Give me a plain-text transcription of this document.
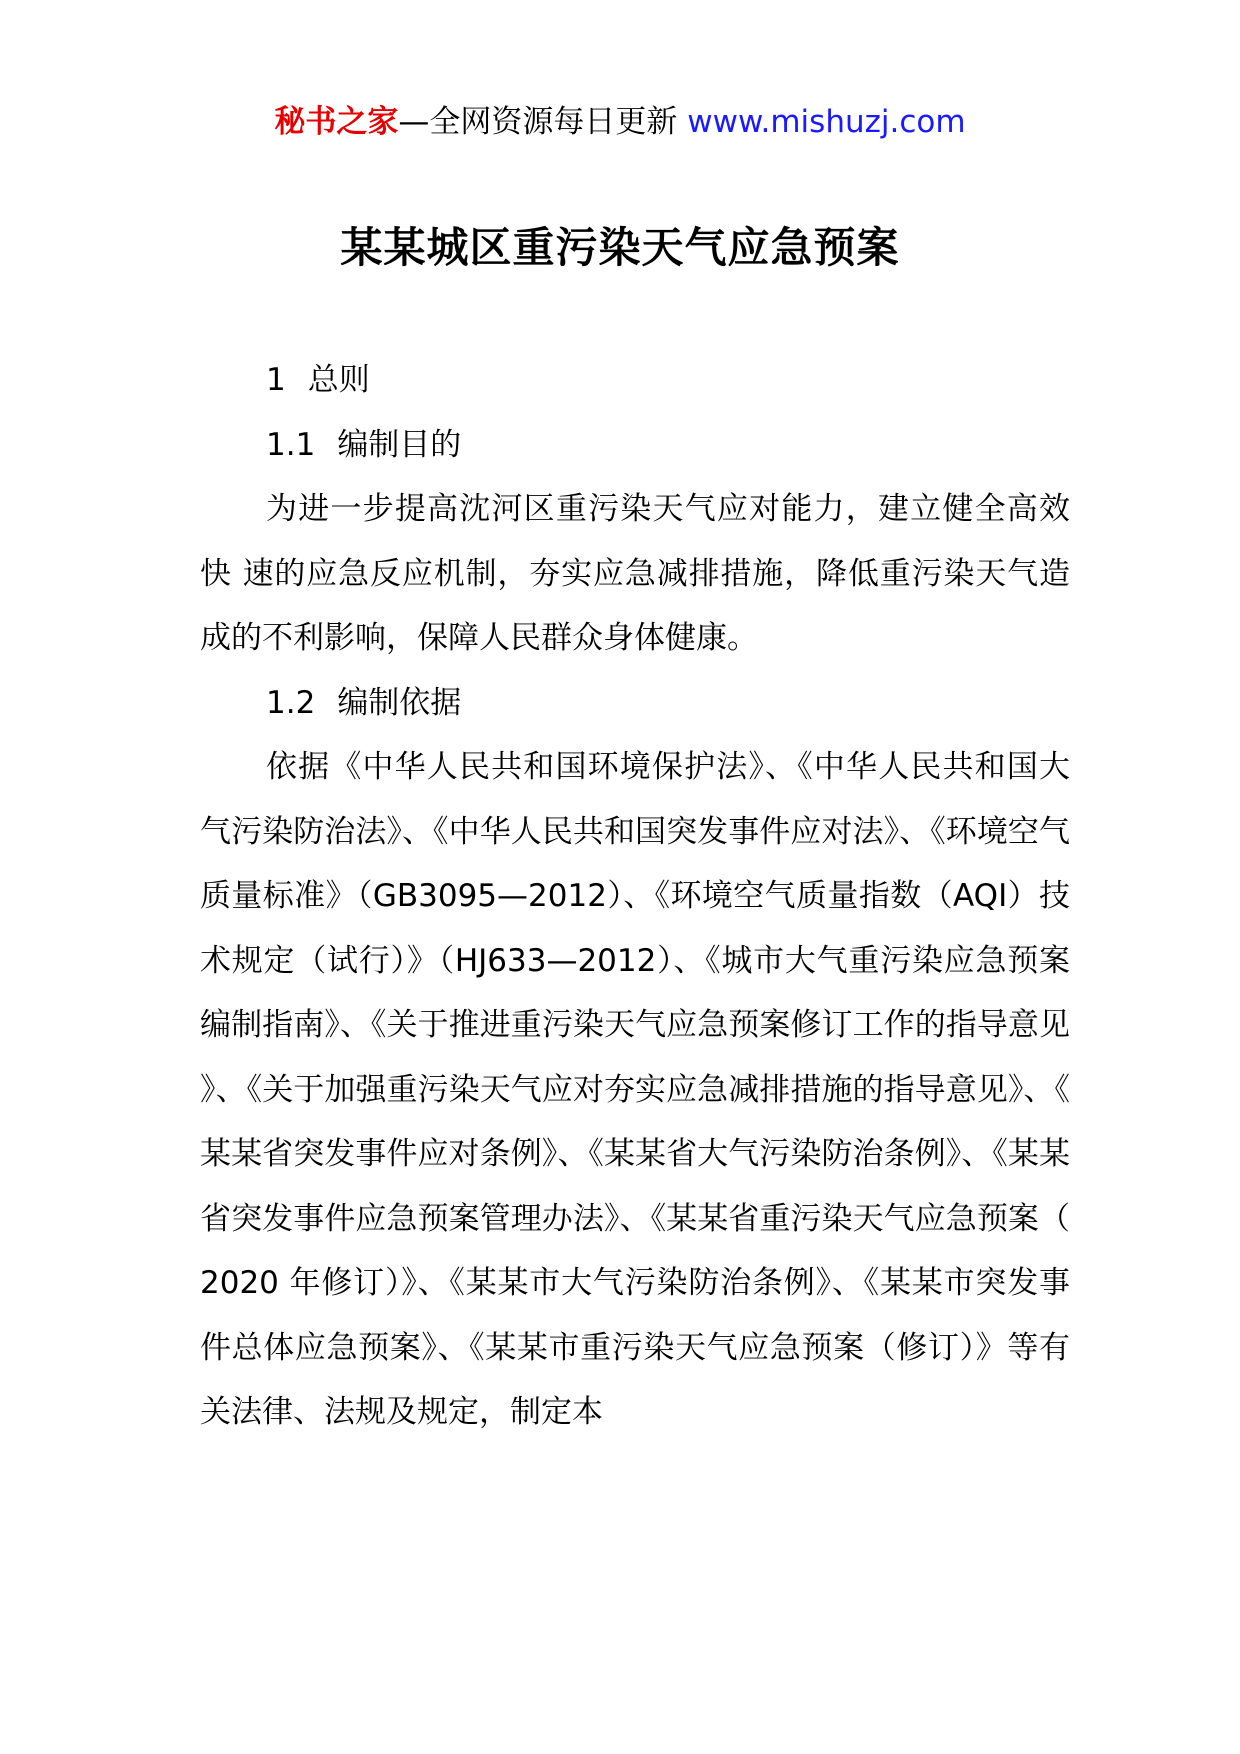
秘书之家—全网资源每日更新 www.mishuzj.com
某某城区重污染天气应急预案

1 总则

1.1 编制目的

为进一步提高沈河区重污染天气应对能力，建立健全高效快 速的应急反应机制，夯实应急减排措施，降低重污染天气造成的不利影响，保障人民群众身体健康。

1.2 编制依据

依据《中华人民共和国环境保护法》、《中华人民共和国大气污染防治法》、《中华人民共和国突发事件应对法》、《环境空气质量标准》（GB3095—2012）、《环境空气质量指数（AQI）技术规定（试行）》（HJ633—2012）、《城市大气重污染应急预案编制指南》、《关于推进重污染天气应急预案修订工作的指导意见》、《关于加强重污染天气应对夯实应急减排措施的指导意见》、《某某省突发事件应对条例》、《某某省大气污染防治条例》、《某某省突发事件应急预案管理办法》、《某某省重污染天气应急预案（2020 年修订）》、《某某市大气污染防治条例》、《某某市突发事件总体应急预案》、《某某市重污染天气应急预案（修订）》等有关法律、法规及规定，制定本
